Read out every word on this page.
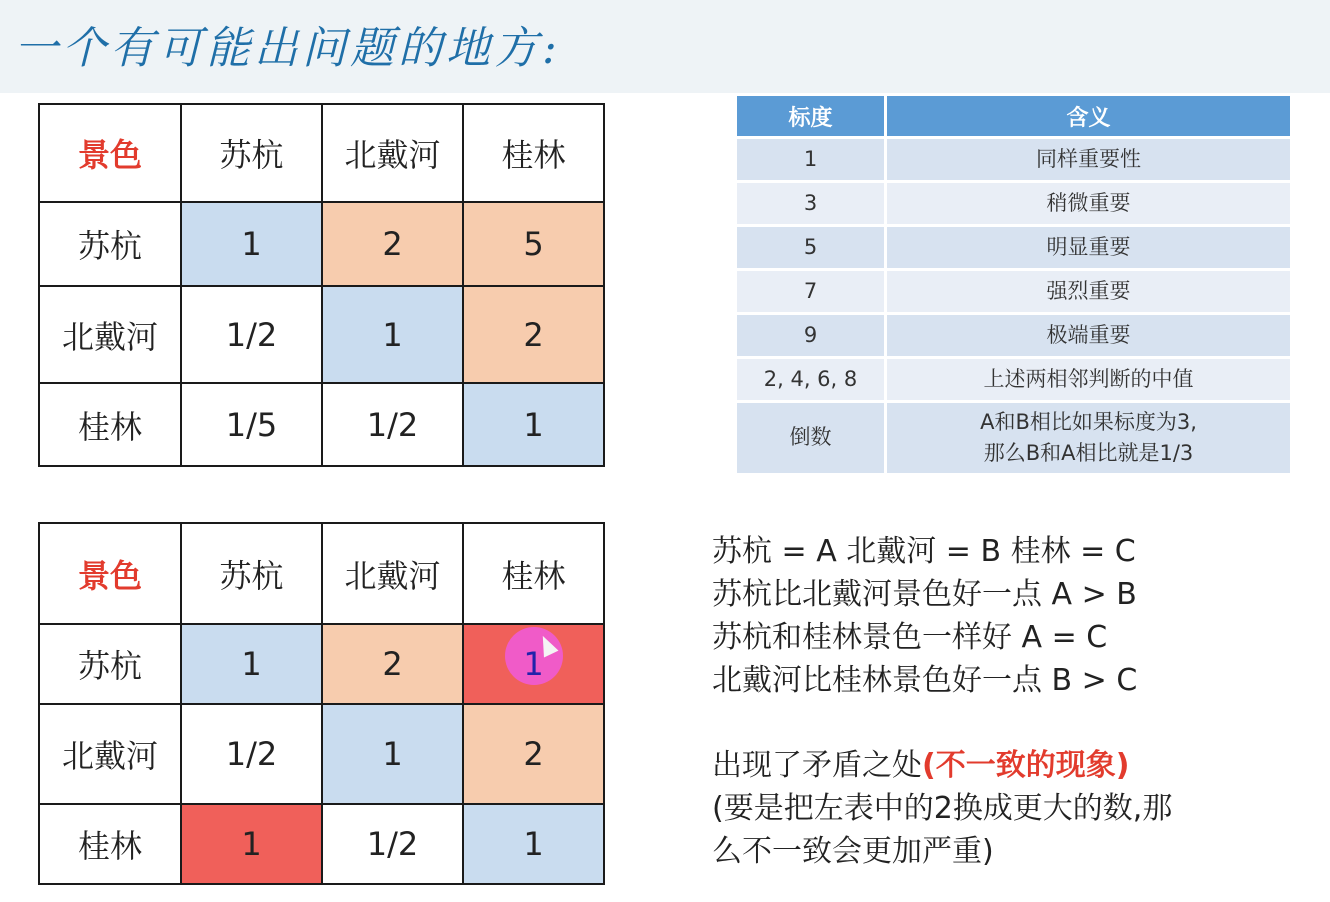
一个有可能出问题的地方:
景色	苏杭	北戴河	桂林
苏杭	1	2	5
北戴河	1/2	1	2
桂林	1/5	1/2	1
景色	苏杭	北戴河	桂林
苏杭	1	2	1

北戴河	1/2	1	2
桂林	1	1/2	1
标度	含义
1	同样重要性
3	稍微重要
5	明显重要
7	强烈重要
9	极端重要
2, 4, 6, 8	上述两相邻判断的中值
倒数	A和B相比如果标度为3,
那么B和A相比就是1/3
苏杭 = A 北戴河 = B 桂林 = C
苏杭比北戴河景色好一点 A > B
苏杭和桂林景色一样好 A = C
北戴河比桂林景色好一点 B > C
出现了矛盾之处(不一致的现象)
(要是把左表中的2换成更大的数,那
么不一致会更加严重)
